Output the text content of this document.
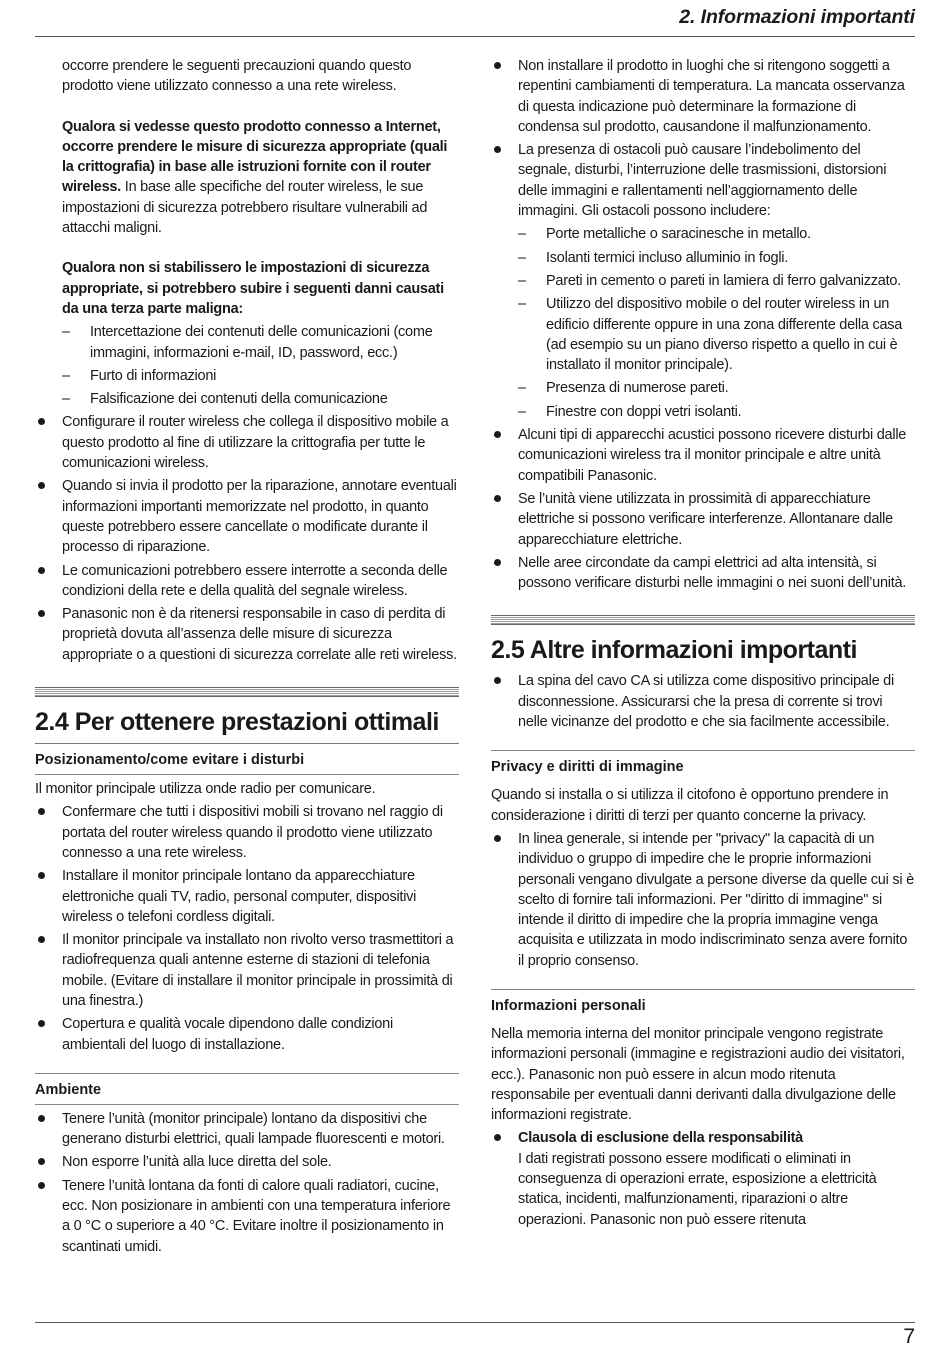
2. Informazioni importanti

occorre prendere le seguenti precauzioni quando questo prodotto viene utilizzato connesso a una rete wireless.

Qualora si vedesse questo prodotto connesso a Internet, occorre prendere le misure di sicurezza appropriate (quali la crittografia) in base alle istruzioni fornite con il router wireless. In base alle specifiche del router wireless, le sue impostazioni di sicurezza potrebbero risultare vulnerabili ad attacchi maligni.

Qualora non si stabilissero le impostazioni di sicurezza appropriate, si potrebbero subire i seguenti danni causati da una terza parte maligna:

– Intercettazione dei contenuti delle comunicazioni (come immagini, informazioni e-mail, ID, password, ecc.)
– Furto di informazioni
– Falsificazione dei contenuti della comunicazione
Configurare il router wireless che collega il dispositivo mobile a questo prodotto al fine di utilizzare la crittografia per tutte le comunicazioni wireless.
Quando si invia il prodotto per la riparazione, annotare eventuali informazioni importanti memorizzate nel prodotto, in quanto queste potrebbero essere cancellate o modificate durante il processo di riparazione.
Le comunicazioni potrebbero essere interrotte a seconda delle condizioni della rete e della qualità del segnale wireless.
Panasonic non è da ritenersi responsabile in caso di perdita di proprietà dovuta all’assenza delle misure di sicurezza appropriate o a questioni di sicurezza correlate alle reti wireless.
2.4 Per ottenere prestazioni ottimali
Posizionamento/come evitare i disturbi

Il monitor principale utilizza onde radio per comunicare.

Confermare che tutti i dispositivi mobili si trovano nel raggio di portata del router wireless quando il prodotto viene utilizzato connesso a una rete wireless.
Installare il monitor principale lontano da apparecchiature elettroniche quali TV, radio, personal computer, dispositivi wireless o telefoni cordless digitali.
Il monitor principale va installato non rivolto verso trasmettitori a radiofrequenza quali antenne esterne di stazioni di telefonia mobile. (Evitare di installare il monitor principale in prossimità di una finestra.)
Copertura e qualità vocale dipendono dalle condizioni ambientali del luogo di installazione.
Ambiente
Tenere l’unità (monitor principale) lontano da dispositivi che generano disturbi elettrici, quali lampade fluorescenti e motori.
Non esporre l’unità alla luce diretta del sole.
Tenere l’unità lontana da fonti di calore quali radiatori, cucine, ecc. Non posizionare in ambienti con una temperatura inferiore a 0 °C o superiore a 40 °C. Evitare inoltre il posizionamento in scantinati umidi.
Non installare il prodotto in luoghi che si ritengono soggetti a repentini cambiamenti di temperatura. La mancata osservanza di questa indicazione può determinare la formazione di condensa sul prodotto, causandone il malfunzionamento.
La presenza di ostacoli può causare l’indebolimento del segnale, disturbi, l’interruzione delle trasmissioni, distorsioni delle immagini e rallentamenti nell’aggiornamento delle immagini. Gli ostacoli possono includere:
– Porte metalliche o saracinesche in metallo.
– Isolanti termici incluso alluminio in fogli.
– Pareti in cemento o pareti in lamiera di ferro galvanizzato.
– Utilizzo del dispositivo mobile o del router wireless in un edificio differente oppure in una zona differente della casa (ad esempio su un piano diverso rispetto a quello in cui è installato il monitor principale).
– Presenza di numerose pareti.
– Finestre con doppi vetri isolanti.
Alcuni tipi di apparecchi acustici possono ricevere disturbi dalle comunicazioni wireless tra il monitor principale e altre unità compatibili Panasonic.
Se l’unità viene utilizzata in prossimità di apparecchiature elettriche si possono verificare interferenze. Allontanare dalle apparecchiature elettriche.
Nelle aree circondate da campi elettrici ad alta intensità, si possono verificare disturbi nelle immagini o nei suoni dell’unità.
2.5 Altre informazioni importanti
La spina del cavo CA si utilizza come dispositivo principale di disconnessione. Assicurarsi che la presa di corrente si trovi nelle vicinanze del prodotto e che sia facilmente accessibile.
Privacy e diritti di immagine

Quando si installa o si utilizza il citofono è opportuno prendere in considerazione i diritti di terzi per quanto concerne la privacy.

In linea generale, si intende per "privacy" la capacità di un individuo o gruppo di impedire che le proprie informazioni personali vengano divulgate a persone diverse da quelle cui si è scelto di fornire tali informazioni. Per "diritto di immagine" si intende il diritto di impedire che la propria immagine venga acquisita e utilizzata in modo indiscriminato senza avere fornito il proprio consenso.
Informazioni personali

Nella memoria interna del monitor principale vengono registrate informazioni personali (immagine e registrazioni audio dei visitatori, ecc.). Panasonic non può essere in alcun modo ritenuta responsabile per eventuali danni derivanti dalla divulgazione delle informazioni registrate.

Clausola di esclusione della responsabilità
I dati registrati possono essere modificati o eliminati in conseguenza di operazioni errate, esposizione a elettricità statica, incidenti, malfunzionamenti, riparazioni o altre operazioni. Panasonic non può essere ritenuta
7
